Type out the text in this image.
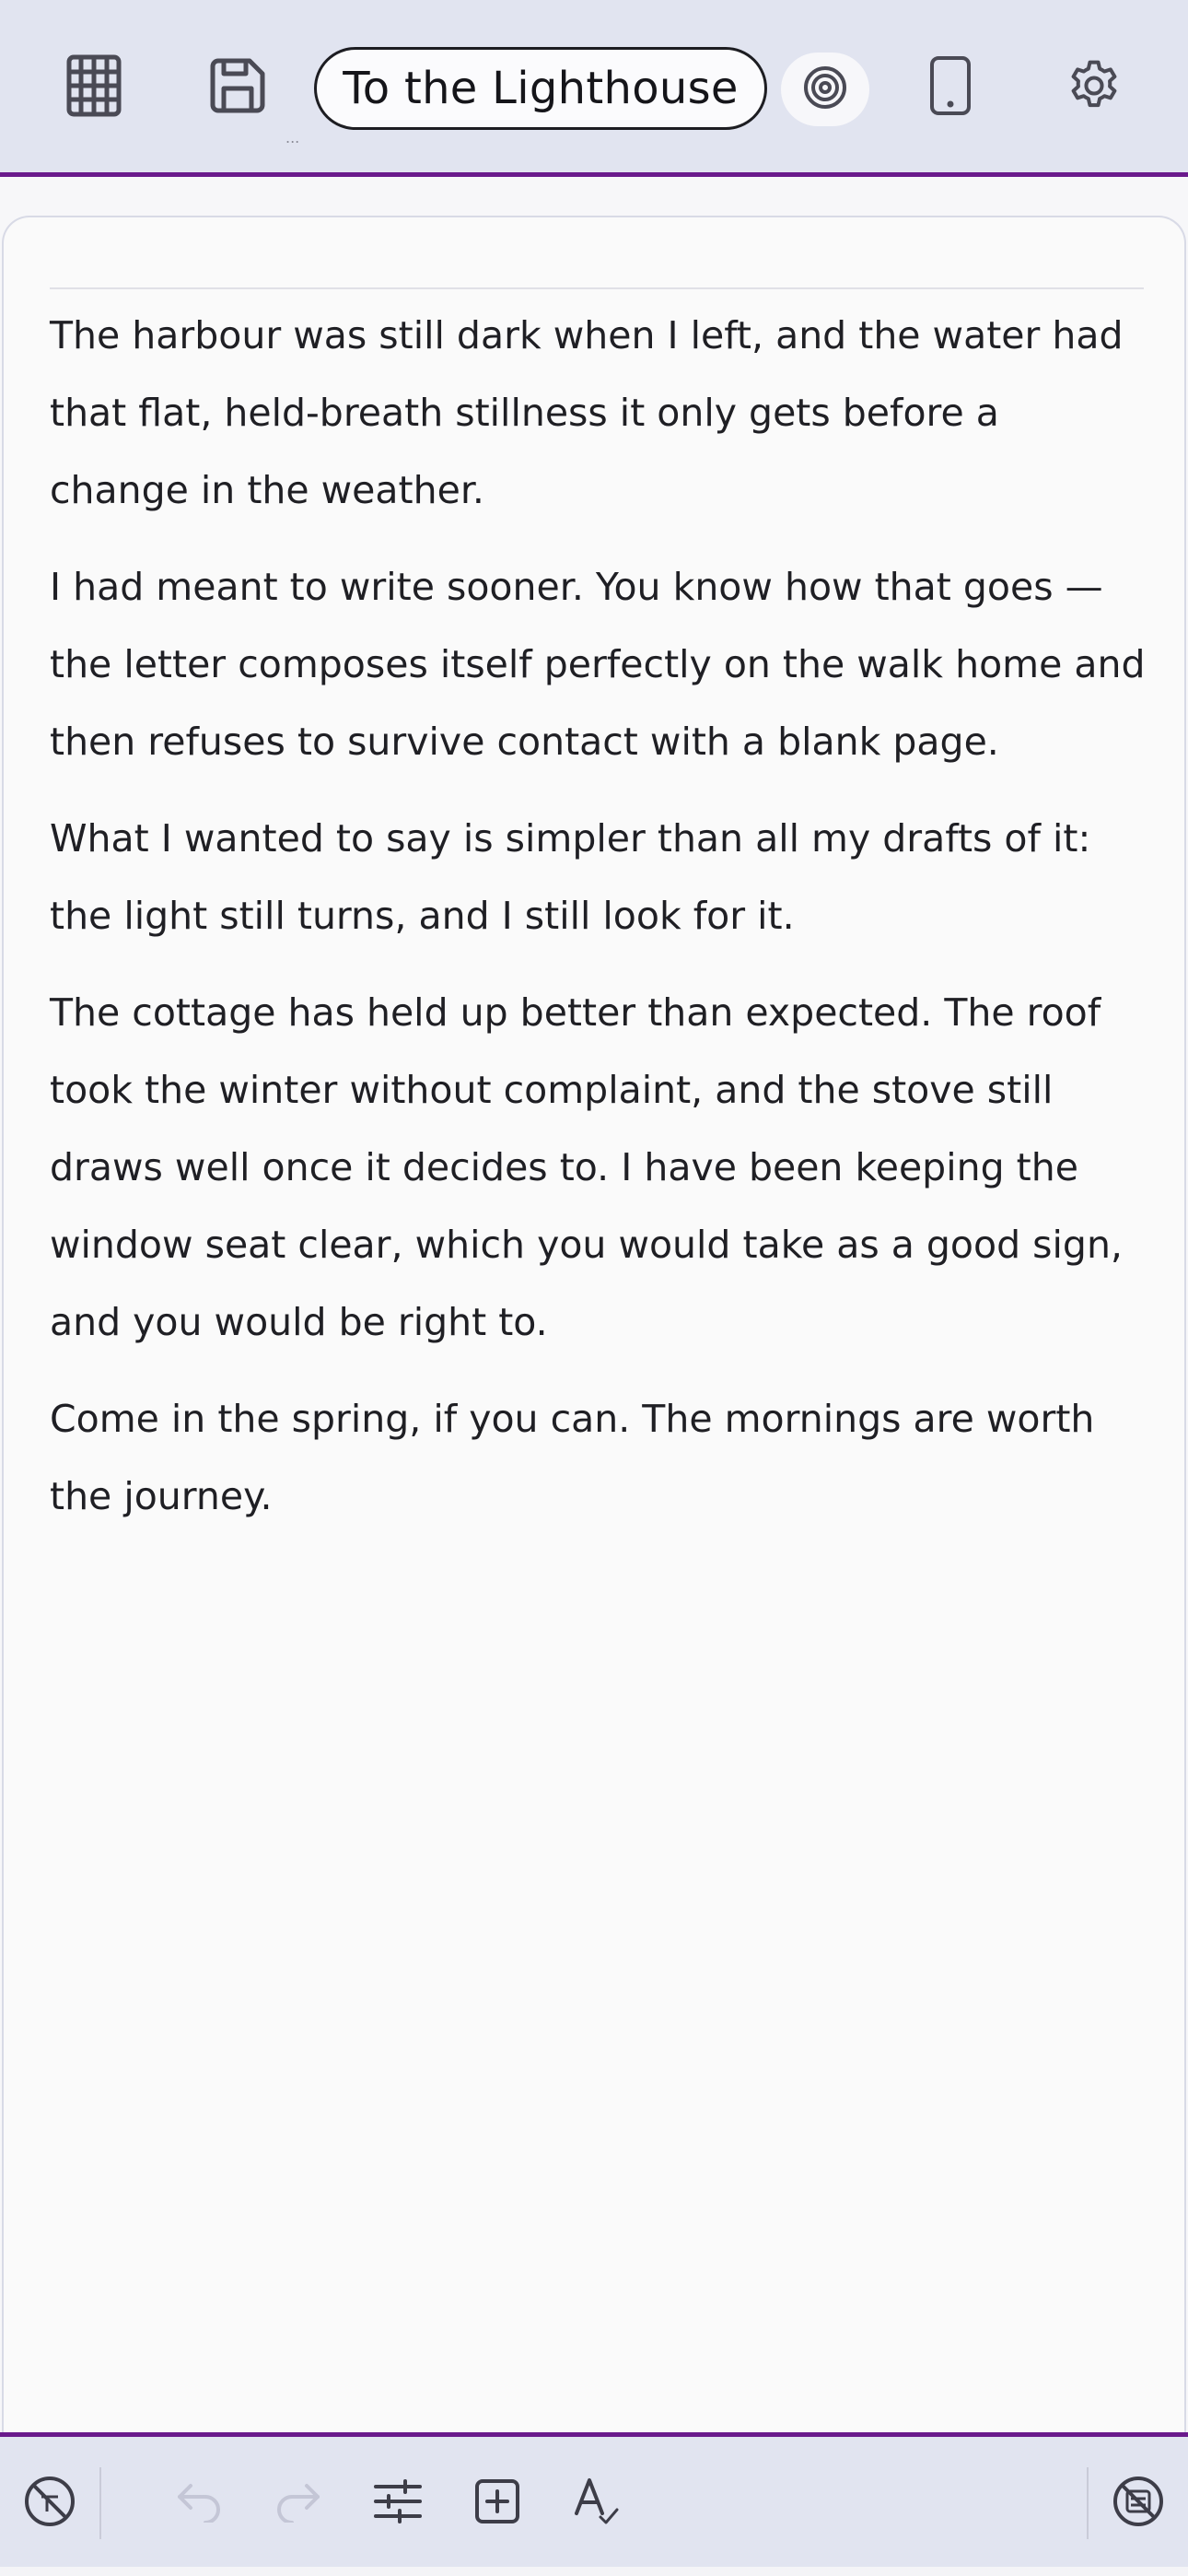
To the Lighthouse
...

The harbour was still dark when I left, and the water had that flat, held-breath stillness it only gets before a change in the weather.

I had meant to write sooner. You know how that goes — the letter composes itself perfectly on the walk home and then refuses to survive contact with a blank page.

What I wanted to say is simpler than all my drafts of it: the light still turns, and I still look for it.

The cottage has held up better than expected. The roof took the winter without complaint, and the stove still draws well once it decides to. I have been keeping the window seat clear, which you would take as a good sign, and you would be right to.

Come in the spring, if you can. The mornings are worth the journey.
